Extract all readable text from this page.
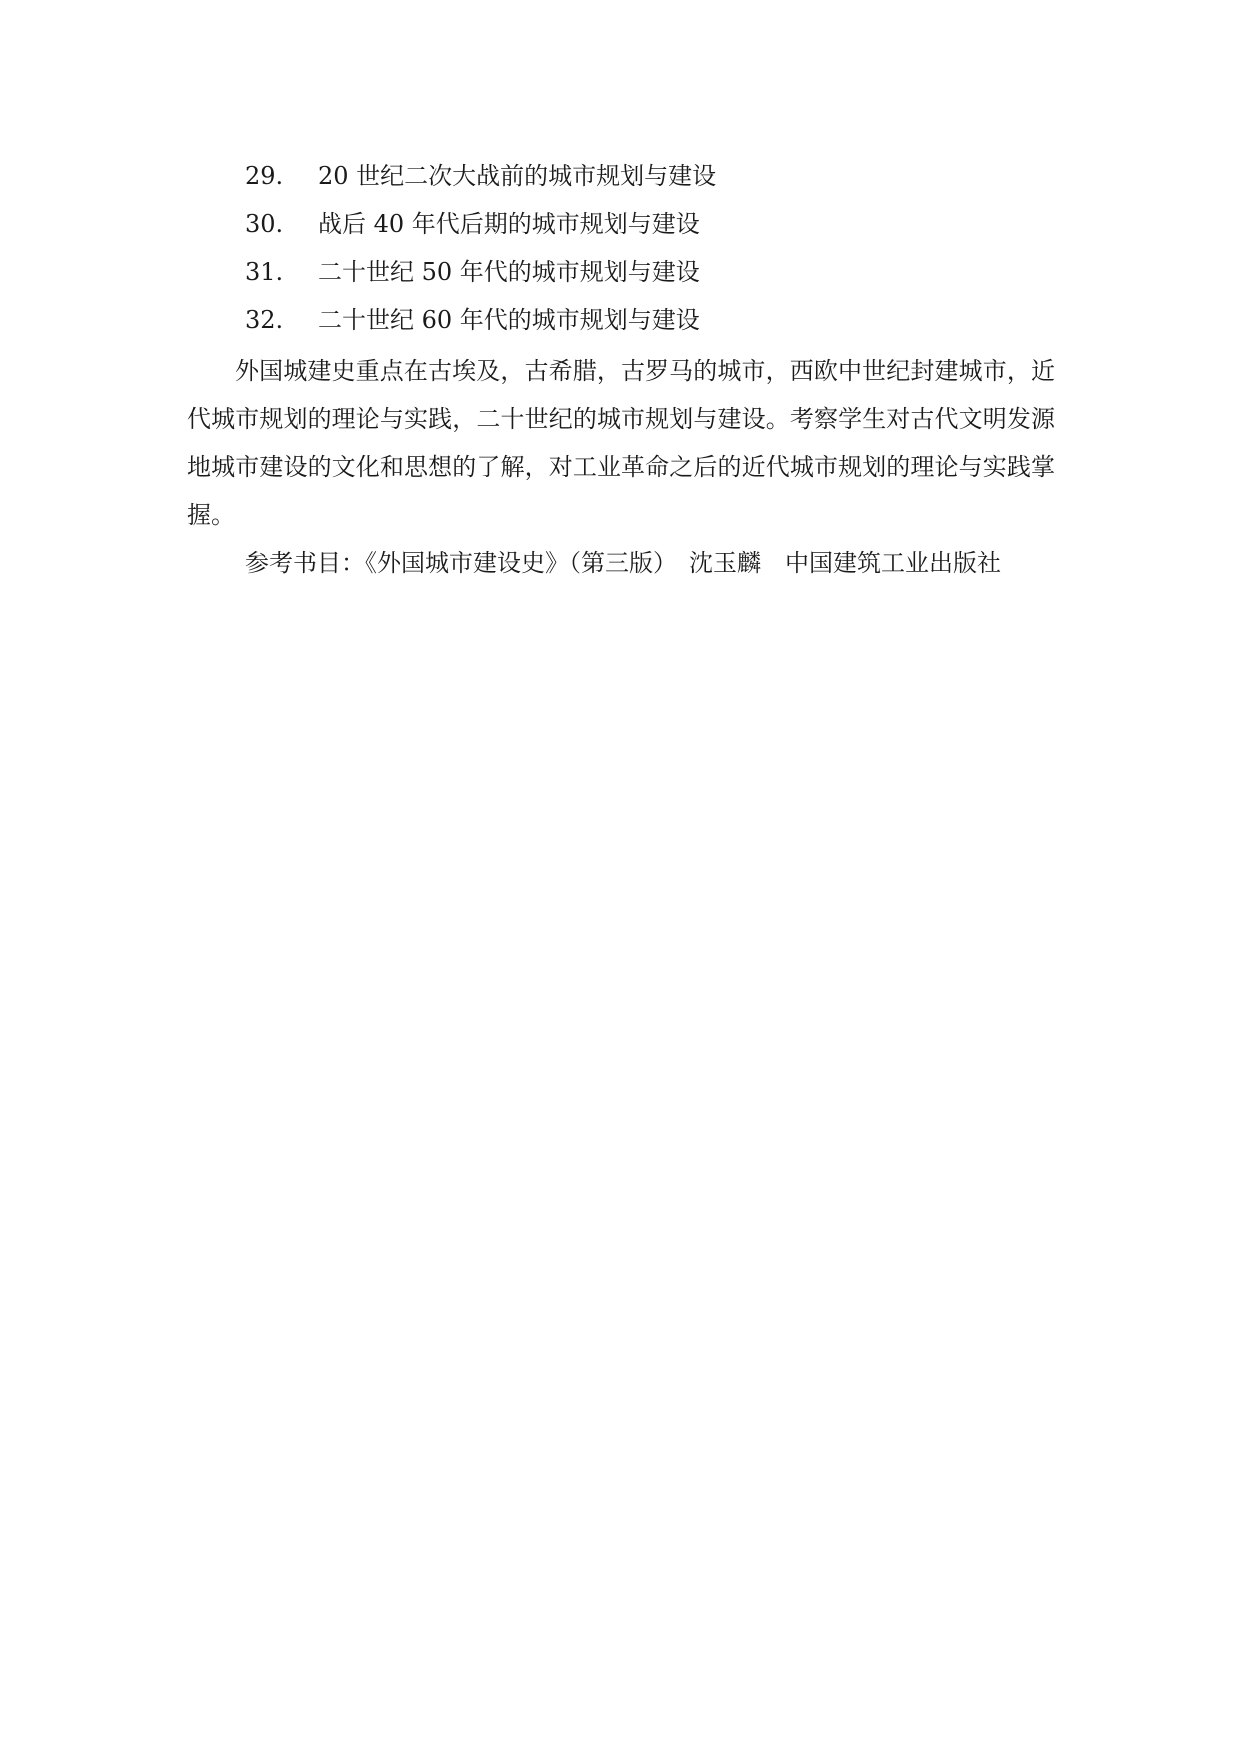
29. 20 世纪二次大战前的城市规划与建设
30. 战后 40 年代后期的城市规划与建设
31. 二十世纪 50 年代的城市规划与建设
32. 二十世纪 60 年代的城市规划与建设
外国城建史重点在古埃及，古希腊，古罗马的城市，西欧中世纪封建城市，近代城市规划的理论与实践，二十世纪的城市规划与建设。考察学生对古代文明发源地城市建设的文化和思想的了解，对工业革命之后的近代城市规划的理论与实践掌握。
参考书目：《外国城市建设史》（第三版）　沈玉麟　中国建筑工业出版社
